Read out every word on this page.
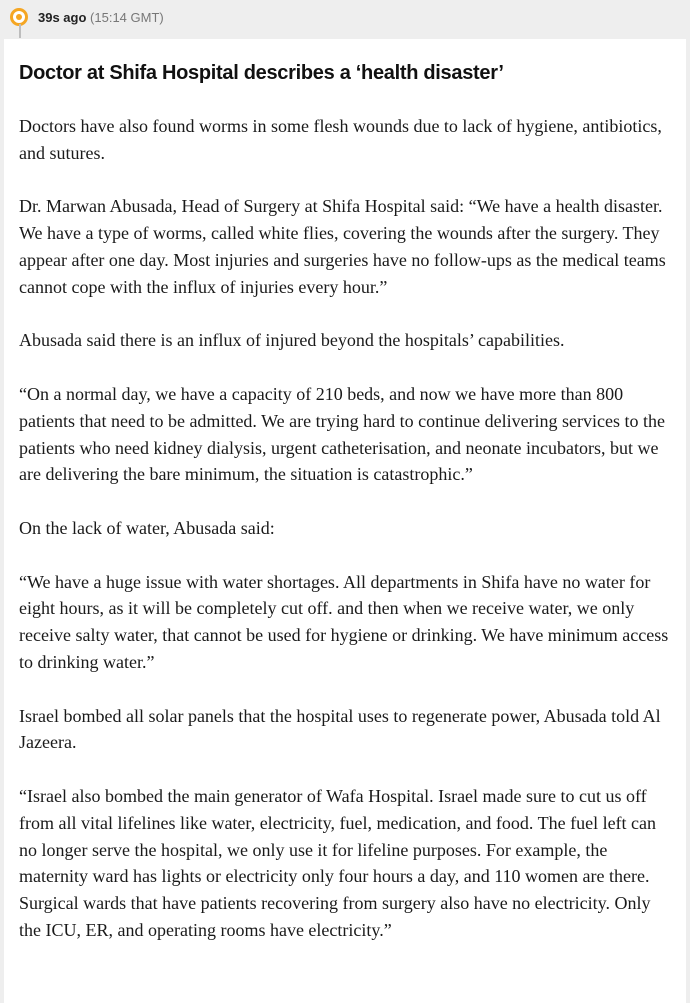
39s ago (15:14 GMT)
Doctor at Shifa Hospital describes a ‘health disaster’

Doctors have also found worms in some flesh wounds due to lack of hygiene, antibiotics, and sutures.

Dr. Marwan Abusada, Head of Surgery at Shifa Hospital said: “We have a health disaster. We have a type of worms, called white flies, covering the wounds after the surgery. They appear after one day. Most injuries and surgeries have no follow-ups as the medical teams cannot cope with the influx of injuries every hour.”

Abusada said there is an influx of injured beyond the hospitals’ capabilities.

“On a normal day, we have a capacity of 210 beds, and now we have more than 800 patients that need to be admitted. We are trying hard to continue delivering services to the patients who need kidney dialysis, urgent catheterisation, and neonate incubators, but we are delivering the bare minimum, the situation is catastrophic.”

On the lack of water, Abusada said:

“We have a huge issue with water shortages. All departments in Shifa have no water for eight hours, as it will be completely cut off. and then when we receive water, we only receive salty water, that cannot be used for hygiene or drinking. We have minimum access to drinking water.”

Israel bombed all solar panels that the hospital uses to regenerate power, Abusada told Al Jazeera.

“Israel also bombed the main generator of Wafa Hospital. Israel made sure to cut us off from all vital lifelines like water, electricity, fuel, medication, and food. The fuel left can no longer serve the hospital, we only use it for lifeline purposes. For example, the maternity ward has lights or electricity only four hours a day, and 110 women are there. Surgical wards that have patients recovering from surgery also have no electricity. Only the ICU, ER, and operating rooms have electricity.”
